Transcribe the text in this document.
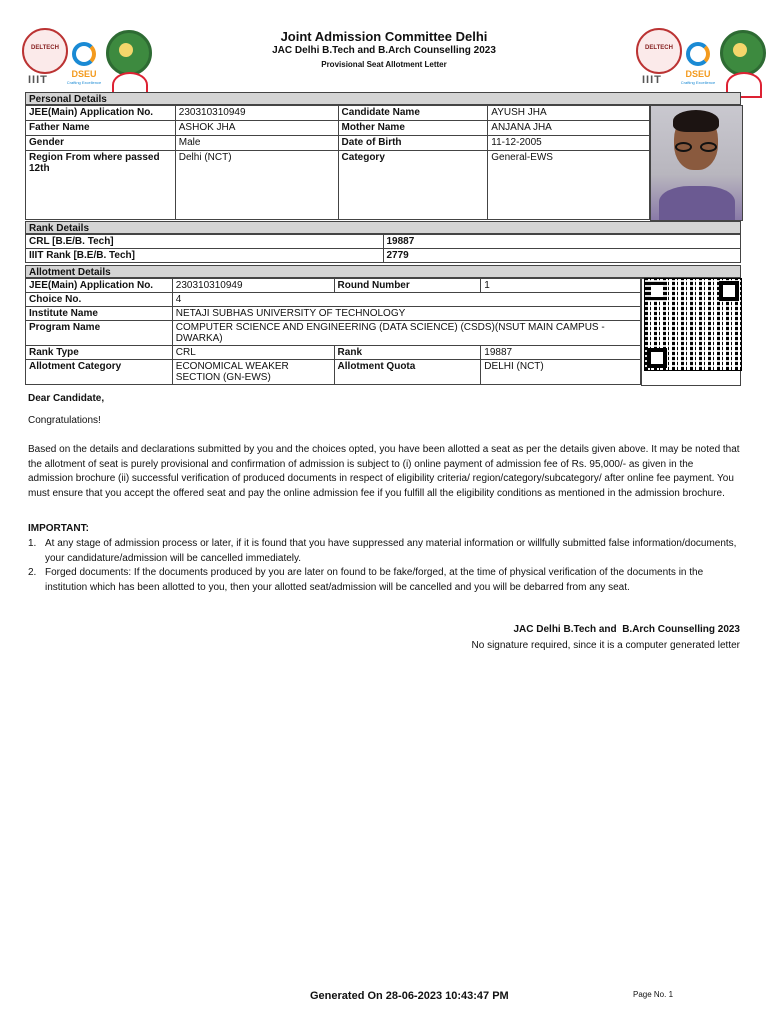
DELTECH
DSEU
Crafting Excellence
IIIT
DELTECH
DSEU
Crafting Excellence
IIIT
Joint Admission Committee Delhi
JAC Delhi B.Tech and B.Arch Counselling 2023
Provisional Seat Allotment Letter
Personal Details
JEE(Main) Application No.	230310310949	Candidate Name	AYUSH JHA
Father Name	ASHOK JHA	Mother Name	ANJANA JHA
Gender	Male	Date of Birth	11-12-2005
Region From where passed 12th	Delhi (NCT)	Category	General-EWS
Rank Details
CRL [B.E/B. Tech]	19887
IIIT Rank [B.E/B. Tech]	2779
Allotment Details
JEE(Main) Application No.	230310310949	Round Number	1
Choice No.	4		
Institute Name	NETAJI SUBHAS UNIVERSITY OF TECHNOLOGY		
Program Name	COMPUTER SCIENCE AND ENGINEERING (DATA SCIENCE) (CSDS)(NSUT MAIN CAMPUS - DWARKA)		
Rank Type	CRL	Rank	19887
Allotment Category	ECONOMICAL WEAKER SECTION (GN-EWS)	Allotment Quota	DELHI (NCT)
Dear Candidate,
Congratulations!
Based on the details and declarations submitted by you and the choices opted, you have been allotted a seat as per the details given above. It may be noted that the allotment of seat is purely provisional and confirmation of admission is subject to (i) online payment of admission fee of Rs. 95,000/- as given in the admission brochure (ii) successful verification of produced documents in respect of eligibility criteria/ region/category/subcategory/ after online fee payment. You must ensure that you accept the offered seat and pay the online admission fee if you fulfill all the eligibility conditions as mentioned in the admission brochure.
IMPORTANT:
1. At any stage of admission process or later, if it is found that you have suppressed any material information or willfully submitted false information/documents, your candidature/admission will be cancelled immediately.
2. Forged documents: If the documents produced by you are later on found to be fake/forged, at the time of physical verification of the documents in the institution which has been allotted to you, then your allotted seat/admission will be cancelled and you will be debarred from any seat.
JAC Delhi B.Tech and  B.Arch Counselling 2023
No signature required, since it is a computer generated letter
Generated On 28-06-2023 10:43:47 PM	Page No. 1
